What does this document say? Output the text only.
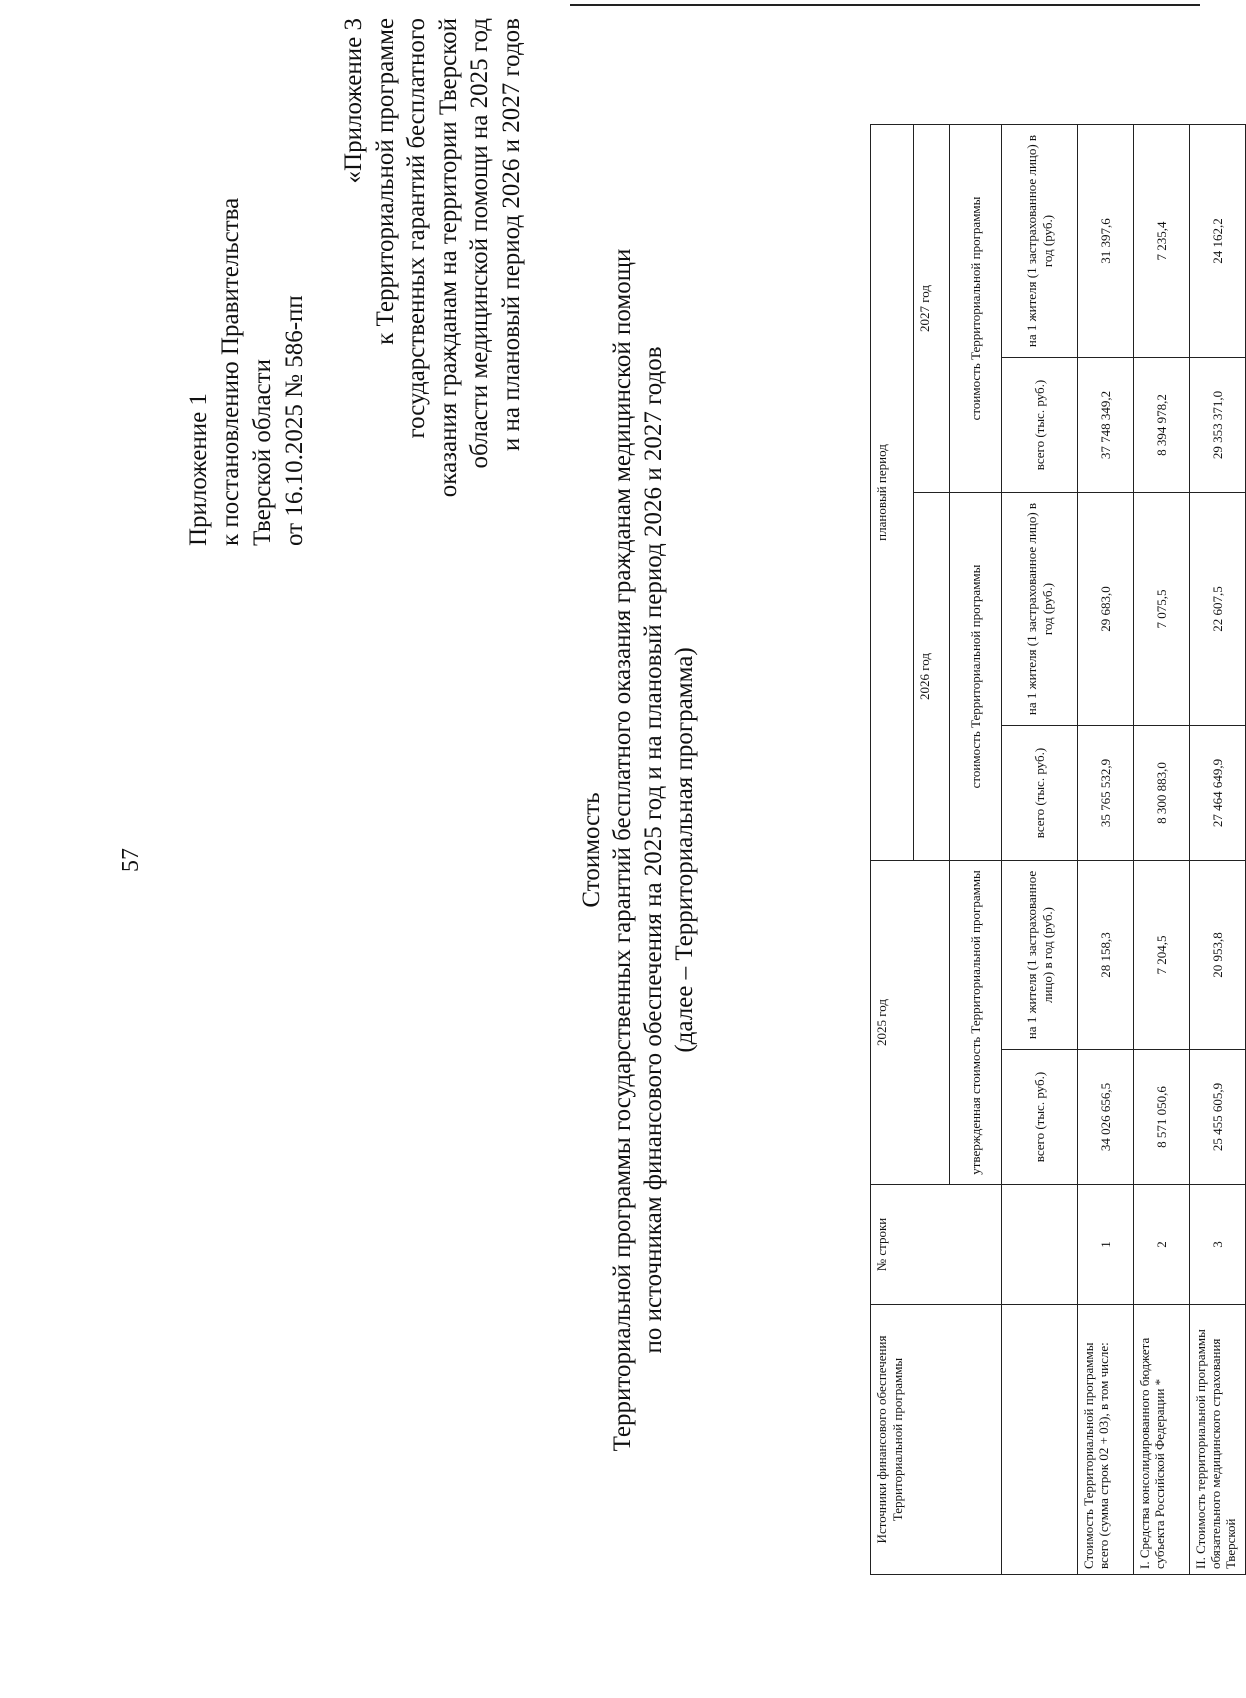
57
Приложение 1 к постановлению Правительства Тверской области от 16.10.2025 № 586-пп
«Приложение 3 к Территориальной программе государственных гарантий бесплатного оказания гражданам на территории Тверской области медицинской помощи на 2025 год и на плановый период 2026 и 2027 годов
Стоимость Территориальной программы государственных гарантий бесплатного оказания гражданам медицинской помощи по источникам финансового обеспечения на 2025 год и на плановый период 2026 и 2027 годов (далее – Территориальная программа)
Источники финансового обеспечения Территориальной программы	№ строки	2025 год		плановый период			
				2026 год		2027 год	
		утвержденная стоимость Территориальной программы		стоимость Территориальной программы		стоимость Территориальной программы	
		всего (тыс. руб.)	на 1 жителя (1 застрахованное лицо) в год (руб.)	всего (тыс. руб.)	на 1 жителя (1 застрахованное лицо) в год (руб.)	всего (тыс. руб.)	на 1 жителя (1 застрахованное лицо) в год (руб.)
Стоимость Территориальной программы всего (сумма строк 02 + 03), в том числе:	1	34 026 656,5	28 158,3	35 765 532,9	29 683,0	37 748 349,2	31 397,6
I. Средства консолидированного бюджета субъекта Российской Федерации *	2	8 571 050,6	7 204,5	8 300 883,0	7 075,5	8 394 978,2	7 235,4
II. Стоимость территориальной программы обязательного медицинского страхования Тверской	3	25 455 605,9	20 953,8	27 464 649,9	22 607,5	29 353 371,0	24 162,2
